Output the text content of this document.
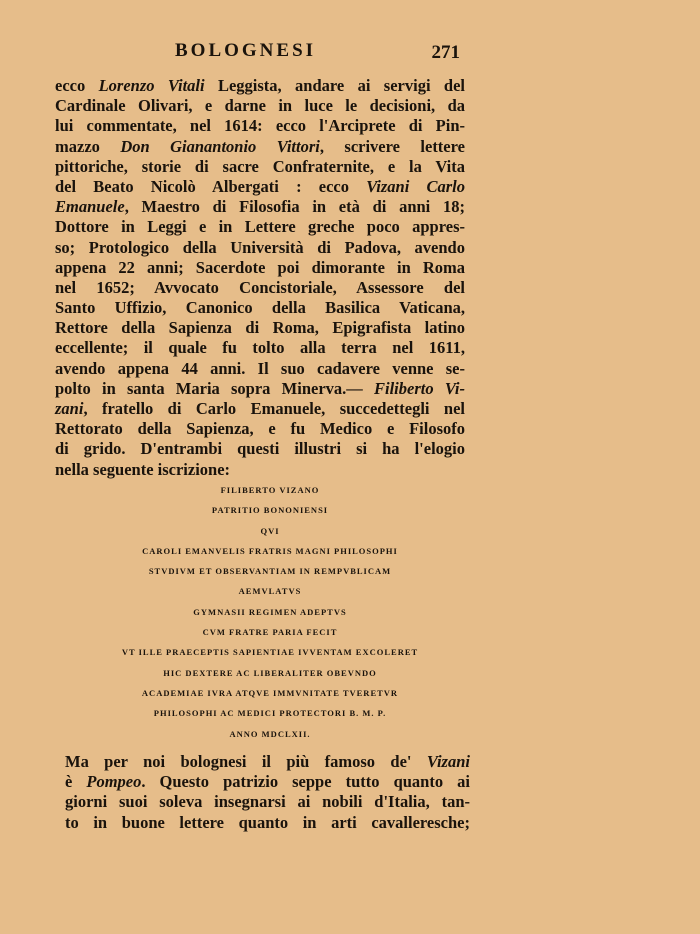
BOLOGNESI	271
ecco Lorenzo Vitali Leggista, andare ai servigi del
Cardinale Olivari, e darne in luce le decisioni, da
lui commentate, nel 1614: ecco l'Arciprete di Pin-
mazzo Don Gianantonio Vittori, scrivere lettere
pittoriche, storie di sacre Confraternite, e la Vita
del Beato Nicolò Albergati : ecco Vizani Carlo
Emanuele, Maestro di Filosofia in età di anni 18;
Dottore in Leggi e in Lettere greche poco appres-
so; Protologico della Università di Padova, avendo
appena 22 anni; Sacerdote poi dimorante in Roma
nel 1652; Avvocato Concistoriale, Assessore del
Santo Uffizio, Canonico della Basilica Vaticana,
Rettore della Sapienza di Roma, Epigrafista latino
eccellente; il quale fu tolto alla terra nel 1611,
avendo appena 44 anni. Il suo cadavere venne se-
polto in santa Maria sopra Minerva.— Filiberto Vi-
zani, fratello di Carlo Emanuele, succedettegli nel
Rettorato della Sapienza, e fu Medico e Filosofo
di grido. D'entrambi questi illustri si ha l'elogio
nella seguente iscrizione:
FILIBERTO VIZANO
PATRITIO BONONIENSI
QVI
CAROLI EMANVELIS FRATRIS MAGNI PHILOSOPHI
STVDIVM ET OBSERVANTIAM IN REMPVBLICAM
AEMVLATVS
GYMNASII REGIMEN ADEPTVS
CVM FRATRE PARIA FECIT
VT ILLE PRAECEPTIS SAPIENTIAE IVVENTAM EXCOLERET
HIC DEXTERE AC LIBERALITER OBEVNDO
ACADEMIAE IVRA ATQVE IMMVNITATE TVERETVR
PHILOSOPHI AC MEDICI PROTECTORI B. M. P.
ANNO MDCLXII.
Ma per noi bolognesi il più famoso de' Vizani
è Pompeo. Questo patrizio seppe tutto quanto ai
giorni suoi soleva insegnarsi ai nobili d'Italia, tan-
to in buone lettere quanto in arti cavalleresche;
